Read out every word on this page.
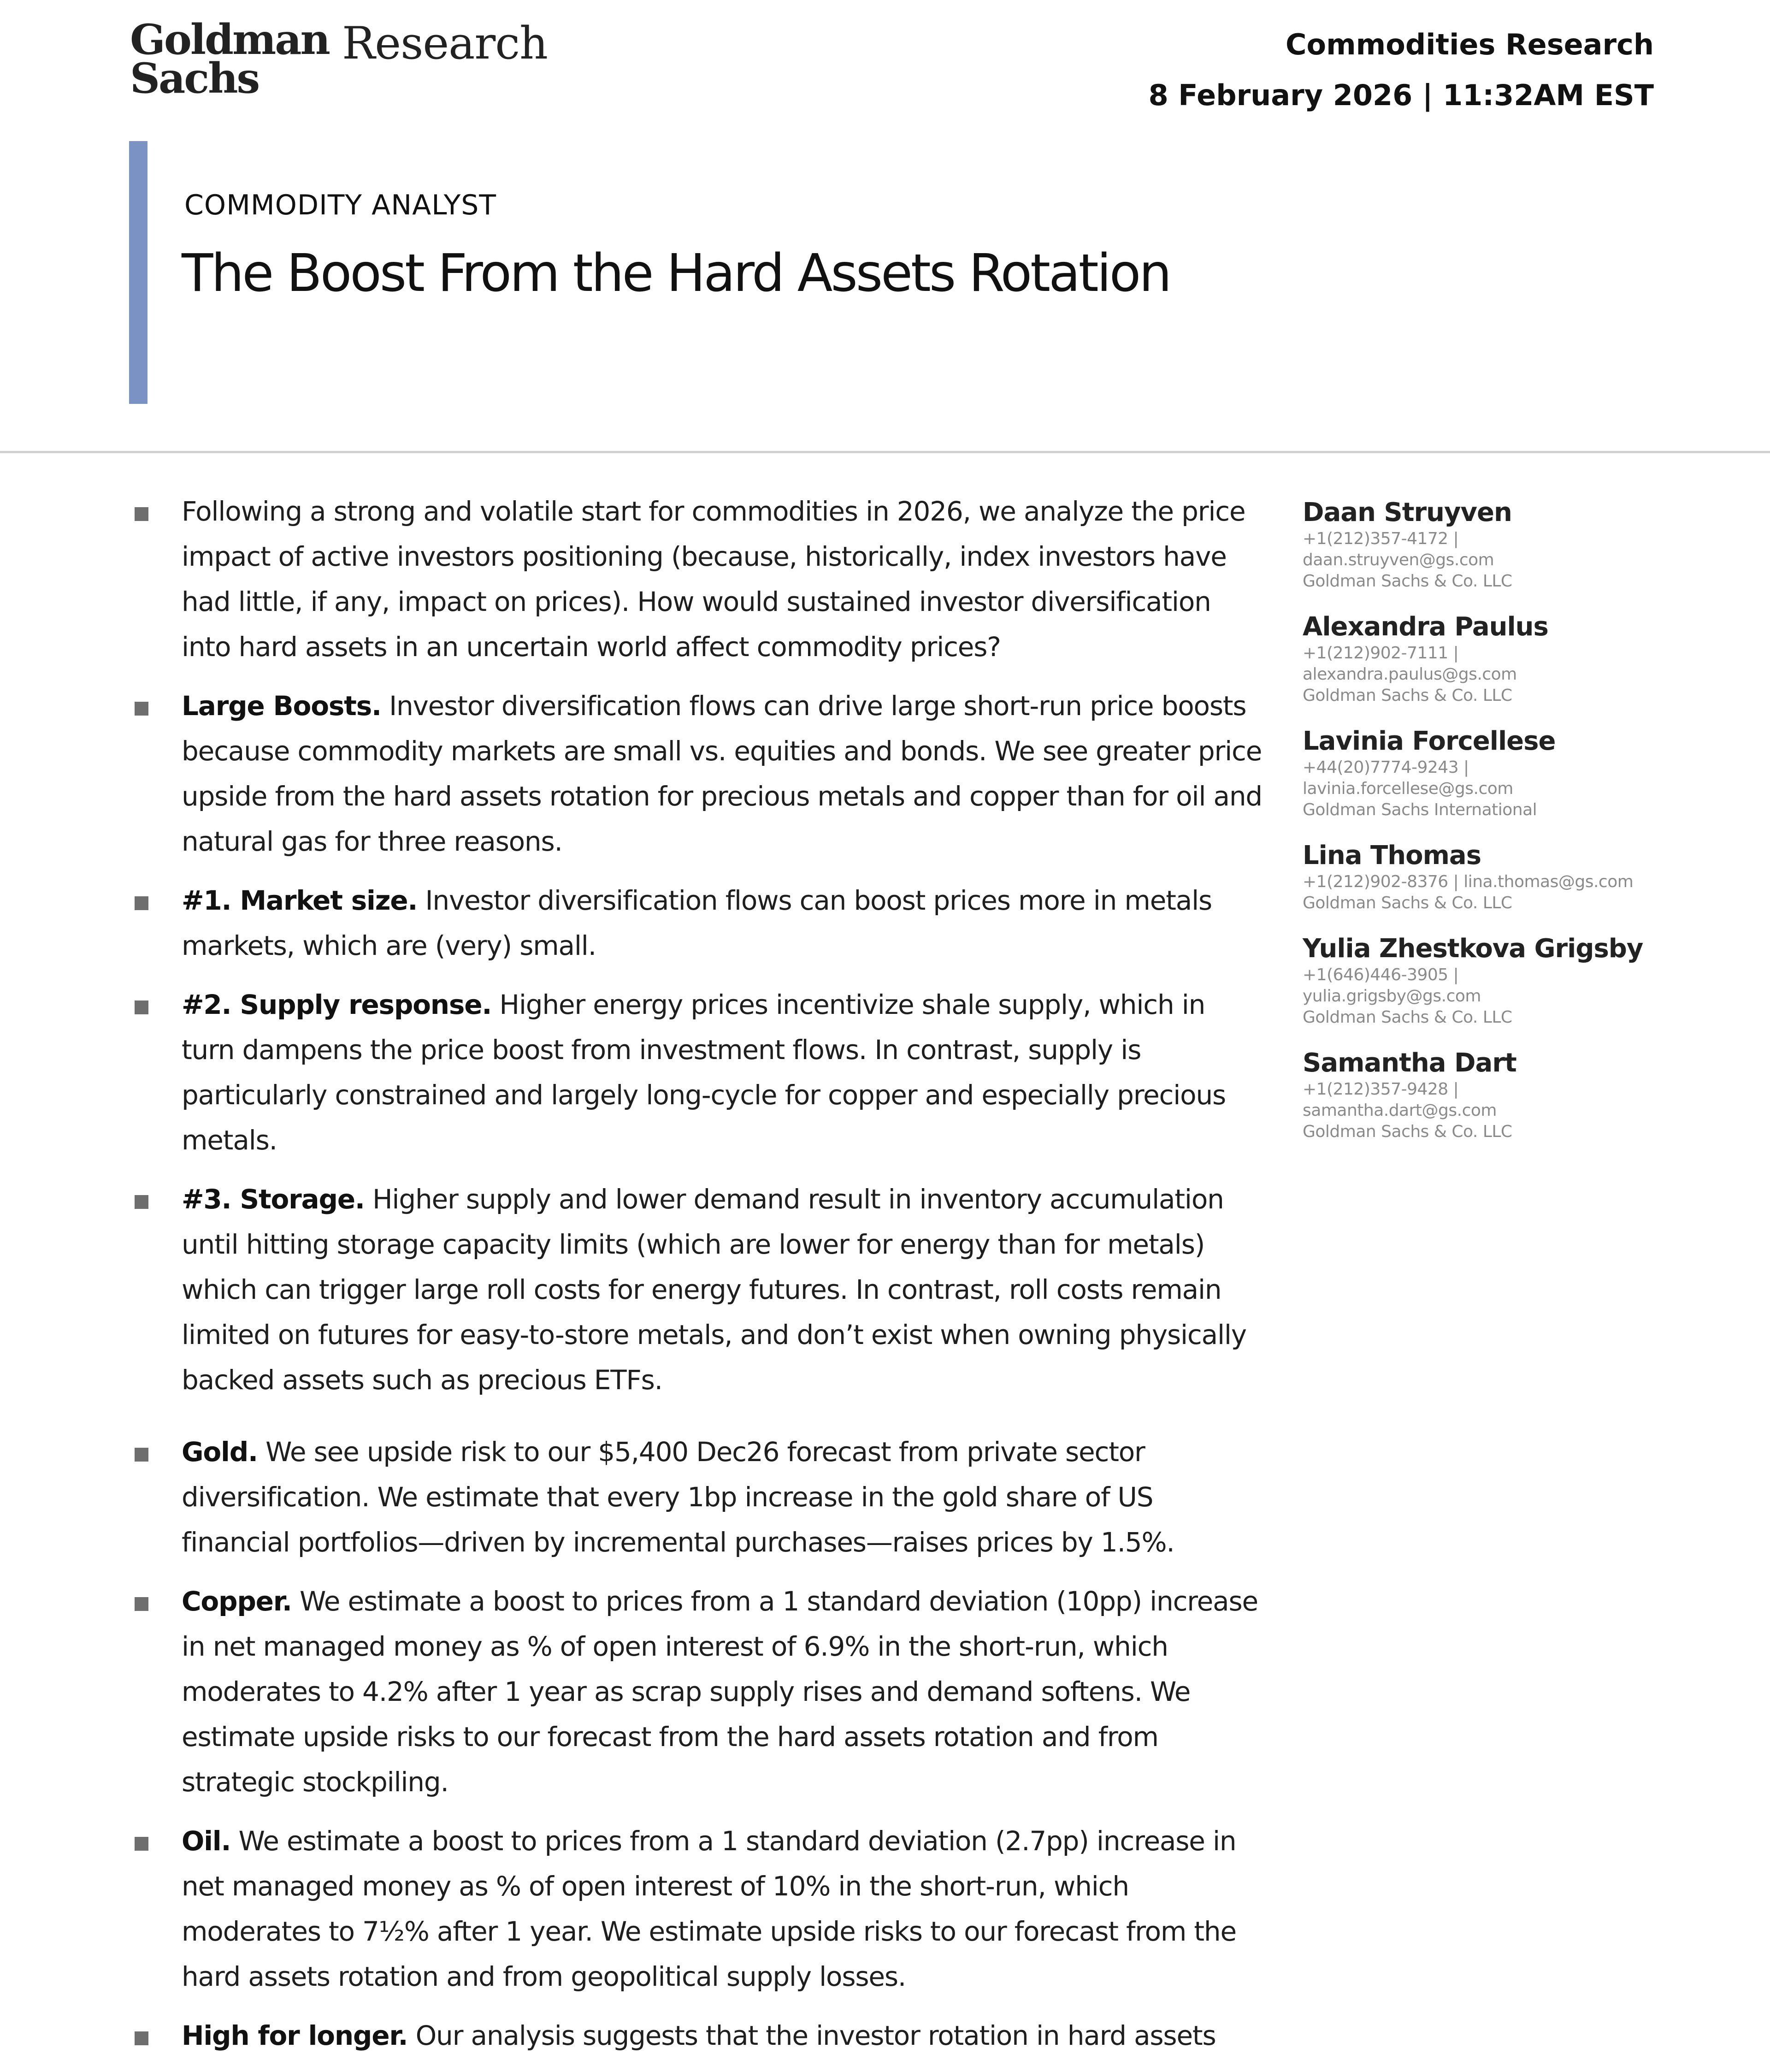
Goldman
Sachs
Research	Commodities Research
8 February 2026 | 11:32AM EST
COMMODITY ANALYST
The Boost From the Hard Assets Rotation
Following a strong and volatile start for commodities in 2026, we analyze the price impact of active investors positioning (because, historically, index investors have had little, if any, impact on prices). How would sustained investor diversification into hard assets in an uncertain world affect commodity prices?
Large Boosts. Investor diversification flows can drive large short-run price boosts because commodity markets are small vs. equities and bonds. We see greater price upside from the hard assets rotation for precious metals and copper than for oil and natural gas for three reasons.
#1. Market size. Investor diversification flows can boost prices more in metals markets, which are (very) small.
#2. Supply response. Higher energy prices incentivize shale supply, which in turn dampens the price boost from investment flows. In contrast, supply is particularly constrained and largely long-cycle for copper and especially precious metals.
#3. Storage. Higher supply and lower demand result in inventory accumulation until hitting storage capacity limits (which are lower for energy than for metals) which can trigger large roll costs for energy futures. In contrast, roll costs remain limited on futures for easy-to-store metals, and don’t exist when owning physically backed assets such as precious ETFs.
Gold. We see upside risk to our $5,400 Dec26 forecast from private sector diversification. We estimate that every 1bp increase in the gold share of US financial portfolios—driven by incremental purchases—raises prices by 1.5%.
Copper. We estimate a boost to prices from a 1 standard deviation (10pp) increase in net managed money as % of open interest of 6.9% in the short-run, which moderates to 4.2% after 1 year as scrap supply rises and demand softens. We estimate upside risks to our forecast from the hard assets rotation and from strategic stockpiling.
Oil. We estimate a boost to prices from a 1 standard deviation (2.7pp) increase in net managed money as % of open interest of 10% in the short-run, which moderates to 7½% after 1 year. We estimate upside risks to our forecast from the hard assets rotation and from geopolitical supply losses.
High for longer. Our analysis suggests that the investor rotation in hard assets
Daan Struyven
+1(212)357-4172 |
daan.struyven@gs.com
Goldman Sachs & Co. LLC
Alexandra Paulus
+1(212)902-7111 |
alexandra.paulus@gs.com
Goldman Sachs & Co. LLC
Lavinia Forcellese
+44(20)7774-9243 |
lavinia.forcellese@gs.com
Goldman Sachs International
Lina Thomas
+1(212)902-8376 | lina.thomas@gs.com
Goldman Sachs & Co. LLC
Yulia Zhestkova Grigsby
+1(646)446-3905 |
yulia.grigsby@gs.com
Goldman Sachs & Co. LLC
Samantha Dart
+1(212)357-9428 |
samantha.dart@gs.com
Goldman Sachs & Co. LLC
